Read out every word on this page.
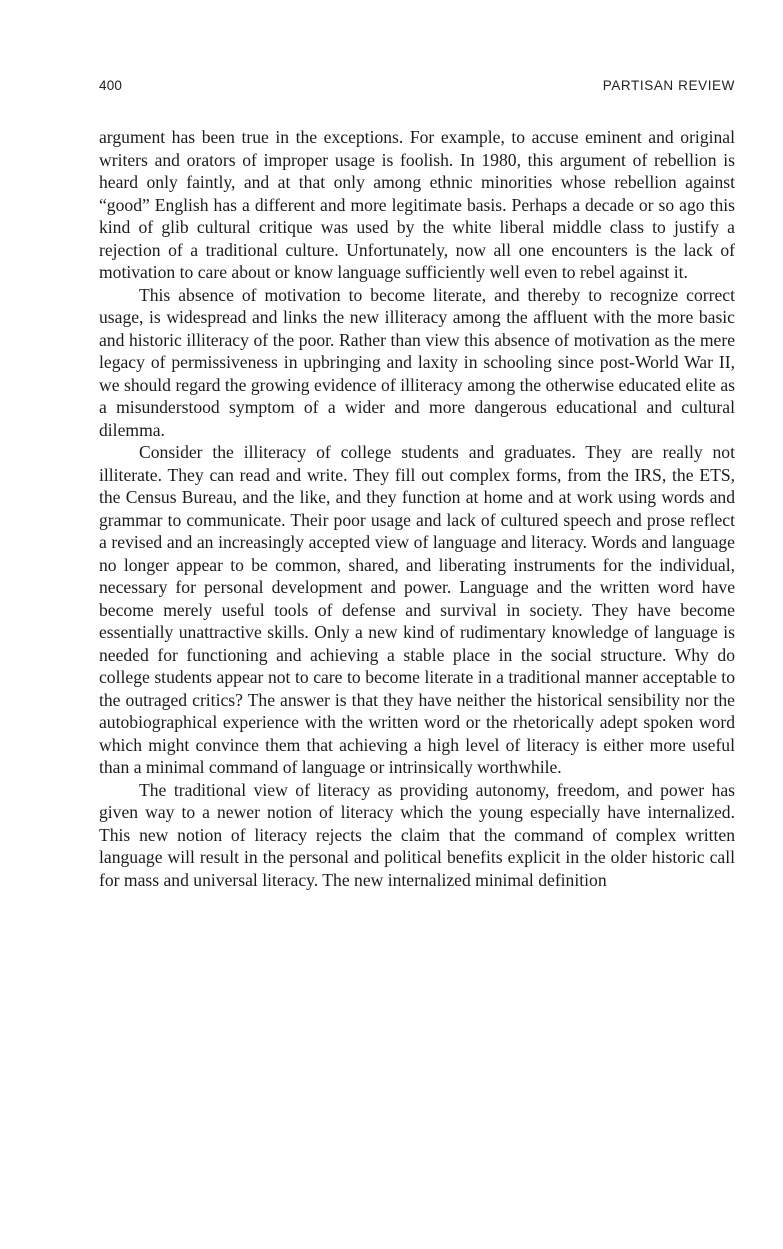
400	PARTISAN REVIEW

argument has been true in the exceptions. For example, to accuse eminent and original writers and orators of improper usage is foolish. In 1980, this argument of rebellion is heard only faintly, and at that only among ethnic minorities whose rebellion against “good” English has a different and more legitimate basis. Perhaps a decade or so ago this kind of glib cultural critique was used by the white liberal middle class to justify a rejection of a traditional culture. Unfortunately, now all one encounters is the lack of motivation to care about or know language sufficiently well even to rebel against it.

This absence of motivation to become literate, and thereby to recognize correct usage, is widespread and links the new illiteracy among the affluent with the more basic and historic illiteracy of the poor. Rather than view this absence of motivation as the mere legacy of permissiveness in upbringing and laxity in schooling since post-World War II, we should regard the growing evidence of illiteracy among the otherwise educated elite as a misunderstood symptom of a wider and more dangerous educational and cultural dilemma.

Consider the illiteracy of college students and graduates. They are really not illiterate. They can read and write. They fill out complex forms, from the IRS, the ETS, the Census Bureau, and the like, and they function at home and at work using words and grammar to communicate. Their poor usage and lack of cultured speech and prose reflect a revised and an increasingly accepted view of language and literacy. Words and language no longer appear to be common, shared, and liberating instruments for the individual, necessary for personal development and power. Language and the written word have become merely useful tools of defense and survival in society. They have become essentially unattractive skills. Only a new kind of rudimentary knowledge of language is needed for functioning and achieving a stable place in the social structure. Why do college students appear not to care to become literate in a traditional manner acceptable to the outraged critics? The answer is that they have neither the historical sensibility nor the autobiographical experience with the written word or the rhetorically adept spoken word which might convince them that achieving a high level of literacy is either more useful than a minimal command of language or intrinsically worthwhile.

The traditional view of literacy as providing autonomy, freedom, and power has given way to a newer notion of literacy which the young especially have internalized. This new notion of literacy rejects the claim that the command of complex written language will result in the personal and political benefits explicit in the older historic call for mass and universal literacy. The new internalized minimal definition
